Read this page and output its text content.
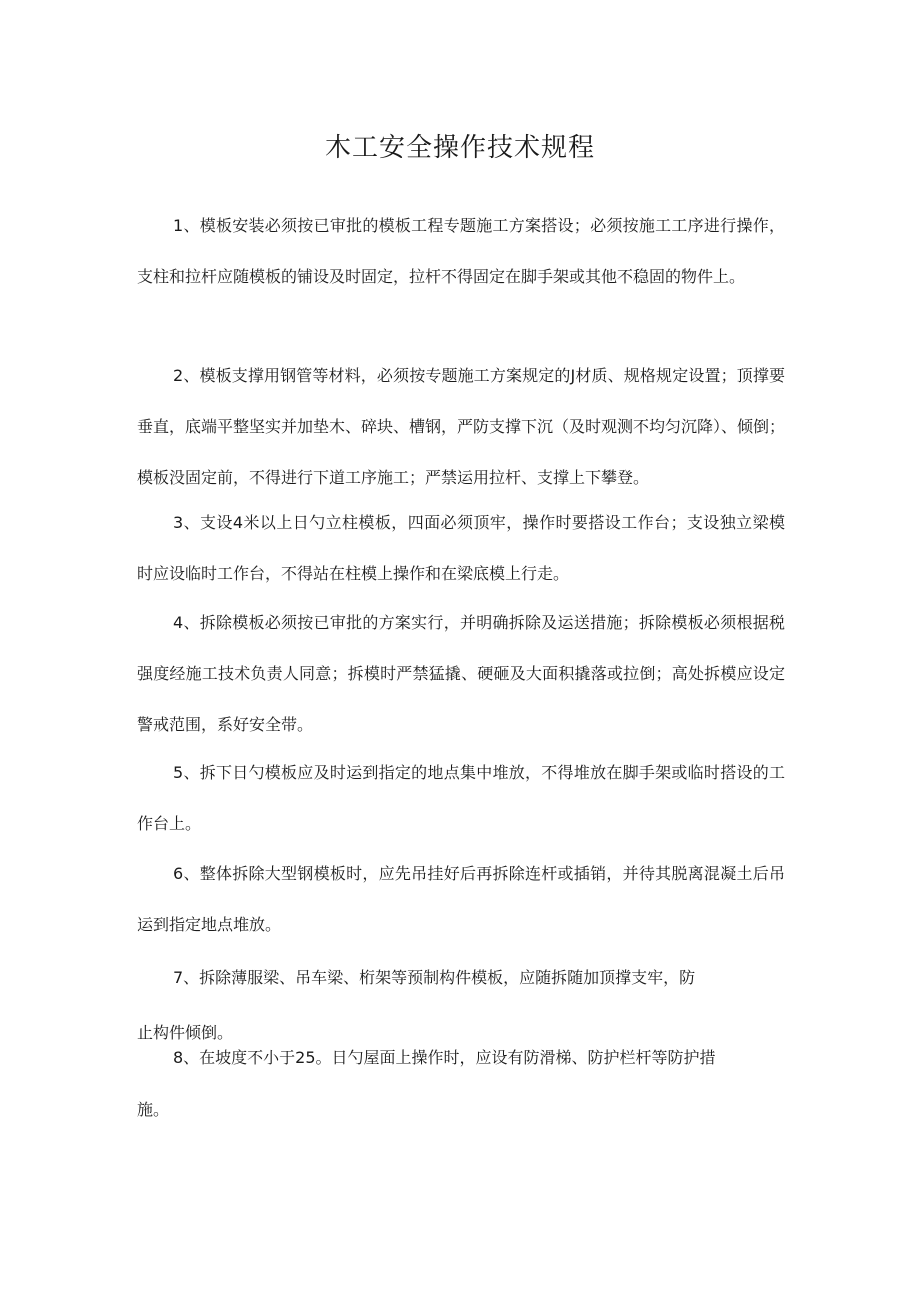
木工安全操作技术规程

1、模板安装必须按已审批的模板工程专题施工方案搭设；必须按施工工序进行操作，支柱和拉杆应随模板的铺设及时固定，拉杆不得固定在脚手架或其他不稳固的物件上。

2、模板支撑用钢管等材料，必须按专题施工方案规定的J材质、规格规定设置；顶撑要垂直，底端平整坚实并加垫木、碎块、槽钢，严防支撑下沉（及时观测不均匀沉降）、倾倒；模板没固定前，不得进行下道工序施工；严禁运用拉杆、支撑上下攀登。

3、支设4米以上日勺立柱模板，四面必须顶牢，操作时要搭设工作台；支设独立梁模时应设临时工作台，不得站在柱模上操作和在梁底模上行走。

4、拆除模板必须按已审批的方案实行，并明确拆除及运送措施；拆除模板必须根据税强度经施工技术负责人同意；拆模时严禁猛撬、硬砸及大面积撬落或拉倒；高处拆模应设定警戒范围，系好安全带。

5、拆下日勺模板应及时运到指定的地点集中堆放，不得堆放在脚手架或临时搭设的工作台上。

6、整体拆除大型钢模板时，应先吊挂好后再拆除连杆或插销，并待其脱离混凝土后吊运到指定地点堆放。

7、拆除薄服梁、吊车梁、桁架等预制构件模板，应随拆随加顶撑支牢，防

止构件倾倒。

8、在坡度不小于25。日勺屋面上操作时，应设有防滑梯、防护栏杆等防护措

施。
